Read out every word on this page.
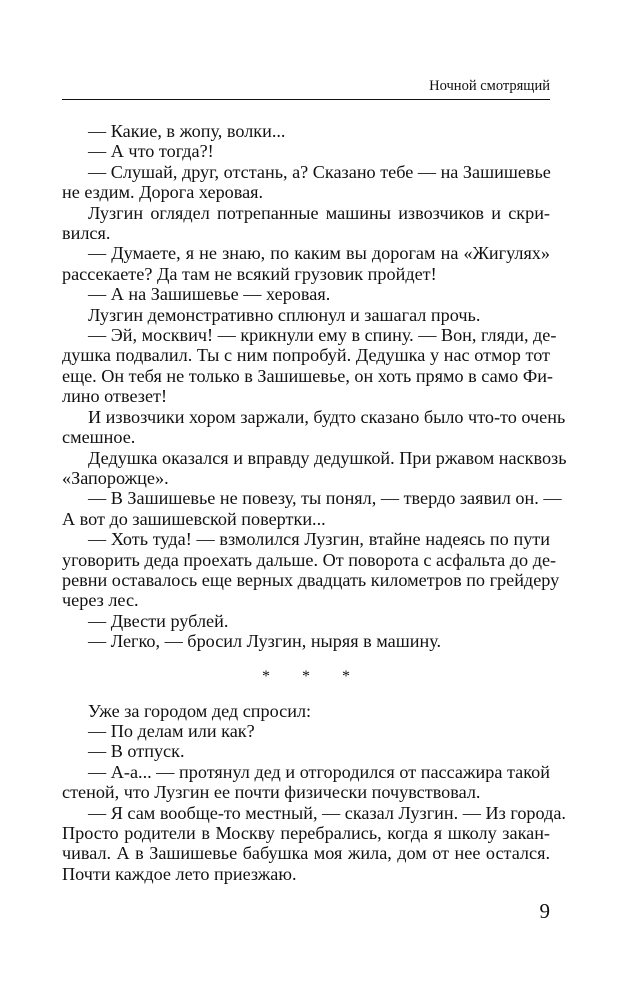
Ночной смотрящий
— Какие, в жопу, волки...
— А что тогда?!
— Слушай, друг, отстань, а? Сказано тебе — на Зашишевье
не ездим. Дорога херовая.
Лузгин оглядел потрепанные машины извозчиков и скри-
вился.
— Думаете, я не знаю, по каким вы дорогам на «Жигулях»
рассекаете? Да там не всякий грузовик пройдет!
— А на Зашишевье — херовая.
Лузгин демонстративно сплюнул и зашагал прочь.
— Эй, москвич! — крикнули ему в спину. — Вон, гляди, де-
душка подвалил. Ты с ним попробуй. Дедушка у нас отмор тот
еще. Он тебя не только в Зашишевье, он хоть прямо в само Фи-
лино отвезет!
И извозчики хором заржали, будто сказано было что-то очень
смешное.
Дедушка оказался и вправду дедушкой. При ржавом насквозь
«Запорожце».
— В Зашишевье не повезу, ты понял, — твердо заявил он. —
А вот до зашишевской повертки...
— Хоть туда! — взмолился Лузгин, втайне надеясь по пути
уговорить деда проехать дальше. От поворота с асфальта до де-
ревни оставалось еще верных двадцать километров по грейдеру
через лес.
— Двести рублей.
— Легко, — бросил Лузгин, ныряя в машину.
* * *
Уже за городом дед спросил:
— По делам или как?
— В отпуск.
— А-а... — протянул дед и отгородился от пассажира такой
стеной, что Лузгин ее почти физически почувствовал.
— Я сам вообще-то местный, — сказал Лузгин. — Из города.
Просто родители в Москву перебрались, когда я школу закан-
чивал. А в Зашишевье бабушка моя жила, дом от нее остался.
Почти каждое лето приезжаю.
9
